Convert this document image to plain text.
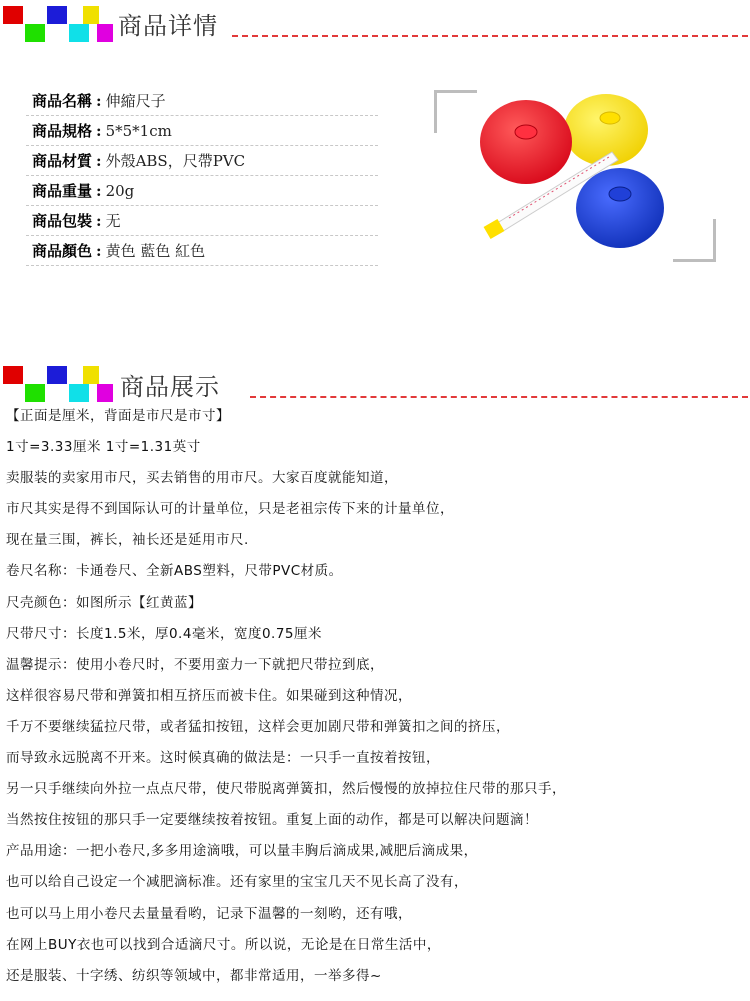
商品详情
商品名稱 : 伸縮尺子
商品規格 : 5*5*1cm
商品材質 : 外殼ABS，尺帶PVC
商品重量 : 20g
商品包裝 : 无
商品顏色 : 黄色 藍色 紅色
商品展示
【正面是厘米，背面是市尺是市寸】
1寸=3.33厘米 1寸=1.31英寸
卖服装的卖家用市尺，买去销售的用市尺。大家百度就能知道，
市尺其实是得不到国际认可的计量单位，只是老祖宗传下来的计量单位，
现在量三围，裤长，袖长还是延用市尺.
卷尺名称：卡通卷尺、全新ABS塑料，尺带PVC材质。
尺壳颜色：如图所示【红黄蓝】
尺带尺寸：长度1.5米，厚0.4毫米，宽度0.75厘米
温馨提示：使用小卷尺时，不要用蛮力一下就把尺带拉到底，
这样很容易尺带和弹簧扣相互挤压而被卡住。如果碰到这种情况，
千万不要继续猛拉尺带，或者猛扣按钮，这样会更加剧尺带和弹簧扣之间的挤压，
而导致永远脱离不开来。这时候真确的做法是：一只手一直按着按钮，
另一只手继续向外拉一点点尺带，使尺带脱离弹簧扣，然后慢慢的放掉拉住尺带的那只手，
当然按住按钮的那只手一定要继续按着按钮。重复上面的动作，都是可以解决问题滴！
产品用途：一把小卷尺,多多用途滴哦，可以量丰胸后滴成果,减肥后滴成果，
也可以给自己设定一个减肥滴标准。还有家里的宝宝几天不见长高了没有，
也可以马上用小卷尺去量量看哟，记录下温馨的一刻哟，还有哦，
在网上BUY衣也可以找到合适滴尺寸。所以说，无论是在日常生活中，
还是服装、十字绣、纺织等领域中，都非常适用，一举多得~
